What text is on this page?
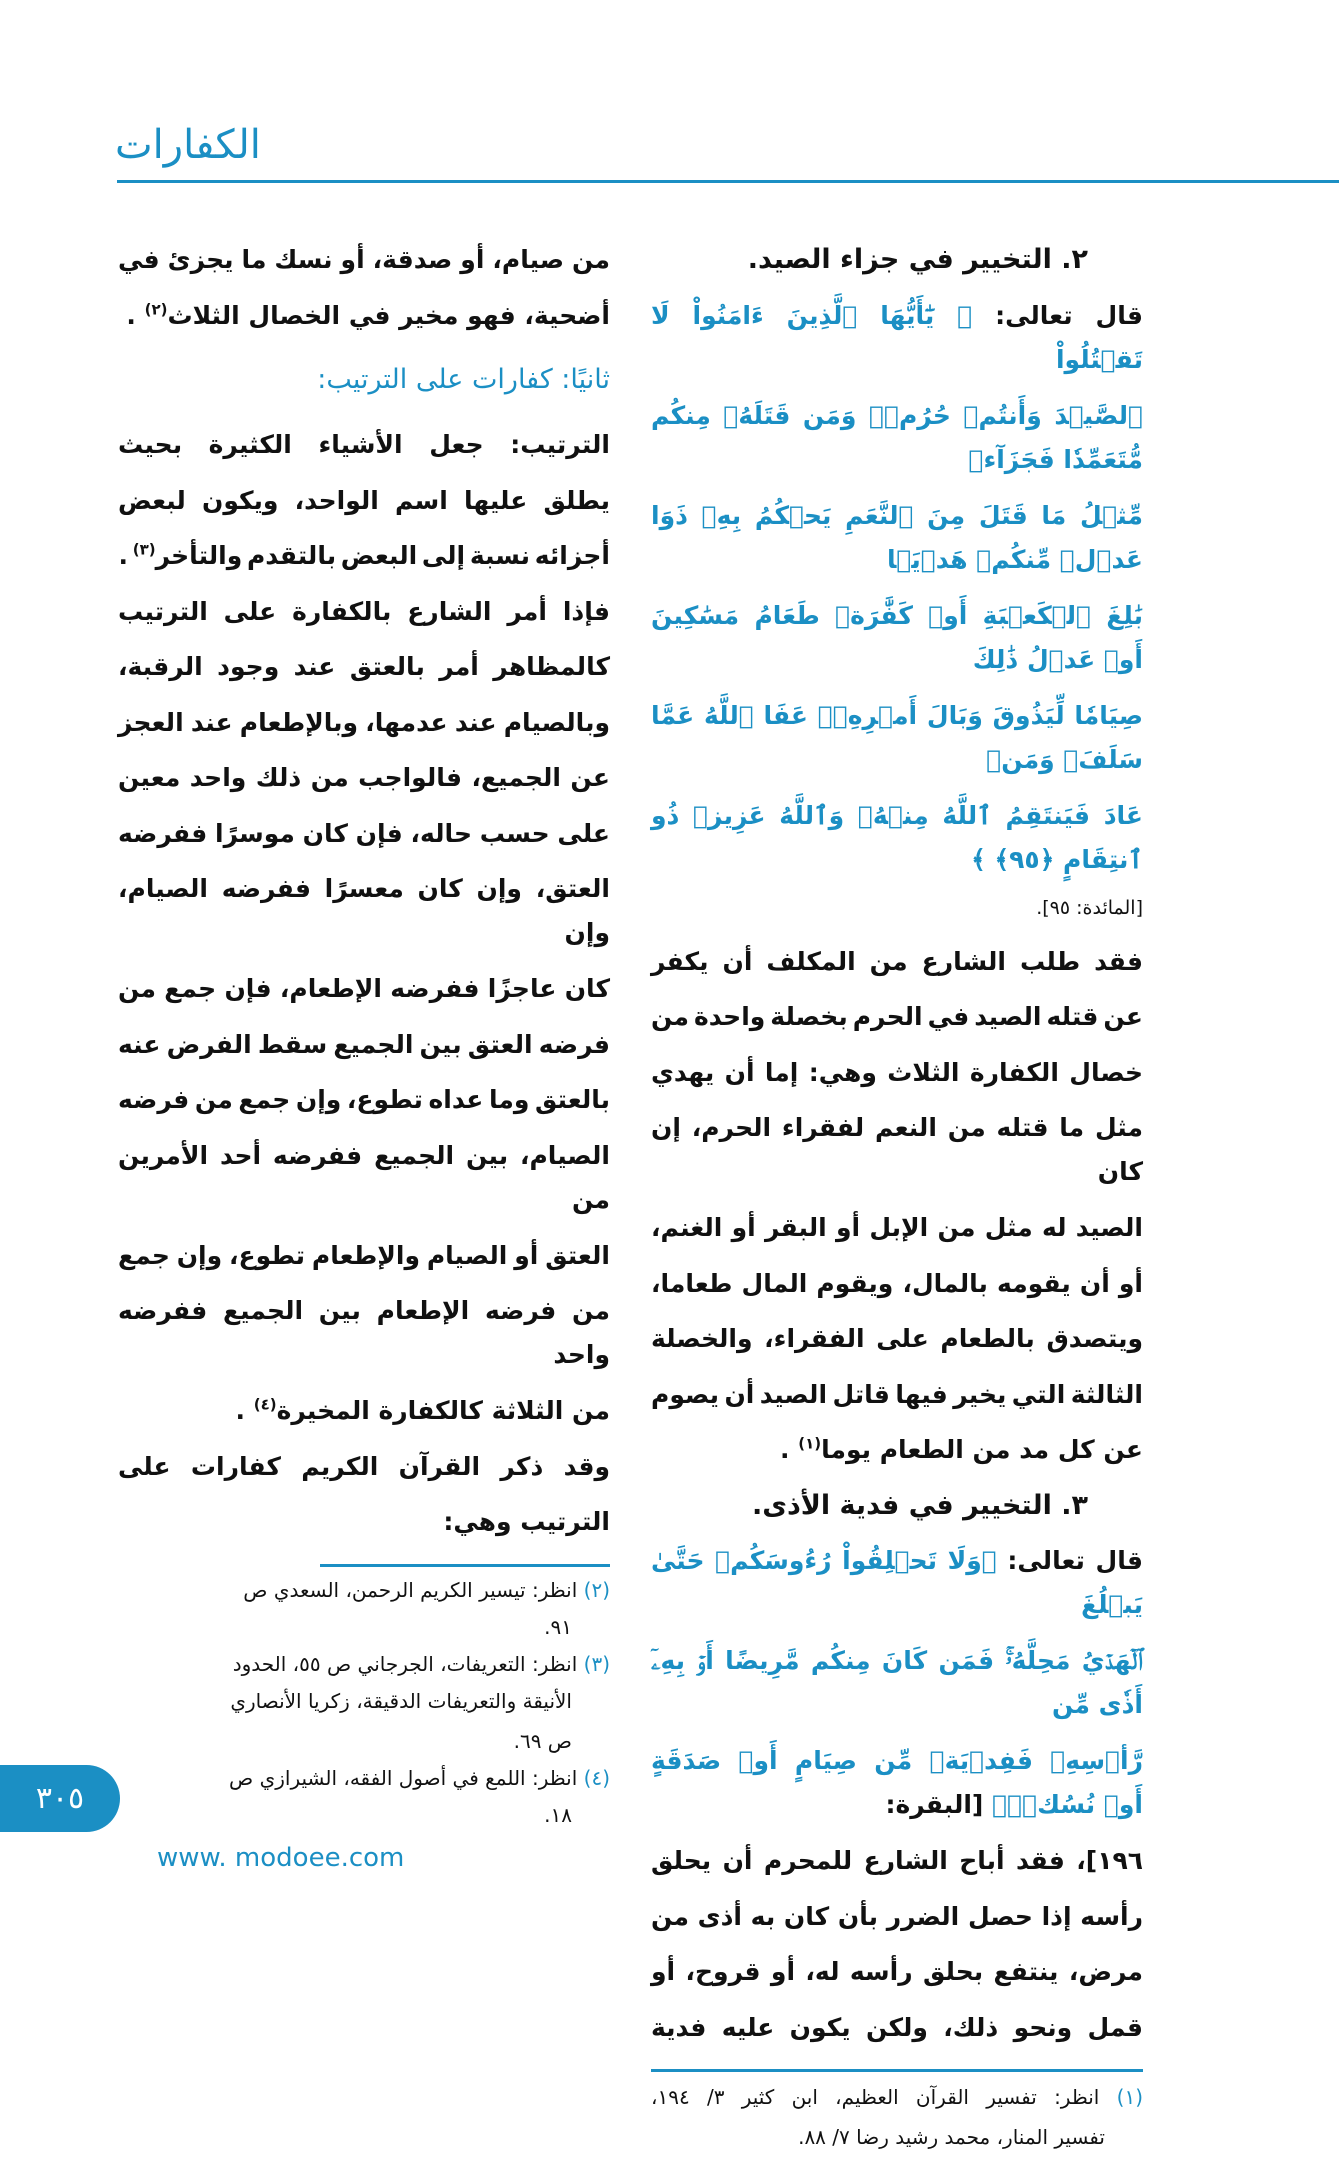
الكفارات
٢. التخيير في جزاء الصيد.
قال تعالى: ﴿ يَٰٓأَيُّهَا ٱلَّذِينَ ءَامَنُواْ لَا تَقۡتُلُواْ
ٱلصَّيۡدَ وَأَنتُمۡ حُرُمٞۚ وَمَن قَتَلَهُۥ مِنكُم مُّتَعَمِّدٗا فَجَزَآءٞ
مِّثۡلُ مَا قَتَلَ مِنَ ٱلنَّعَمِ يَحۡكُمُ بِهِۦ ذَوَا عَدۡلٖ مِّنكُمۡ هَدۡيَۢا
بَٰلِغَ ٱلۡكَعۡبَةِ أَوۡ كَفَّٰرَةٞ طَعَامُ مَسَٰكِينَ أَوۡ عَدۡلُ ذَٰلِكَ
صِيَامٗا لِّيَذُوقَ وَبَالَ أَمۡرِهِۦۗ عَفَا ٱللَّهُ عَمَّا سَلَفَۚ وَمَنۡ
عَادَ فَيَنتَقِمُ ٱللَّهُ مِنۡهُۚ وَٱللَّهُ عَزِيزٞ ذُو ٱنتِقَامٍ ﴿٩٥﴾ ﴾
[المائدة: ٩٥].
فقد طلب الشارع من المكلف أن يكفر
عن قتله الصيد في الحرم بخصلة واحدة من
خصال الكفارة الثلاث وهي: إما أن يهدي
مثل ما قتله من النعم لفقراء الحرم، إن كان
الصيد له مثل من الإبل أو البقر أو الغنم،
أو أن يقومه بالمال، ويقوم المال طعاما،
ويتصدق بالطعام على الفقراء، والخصلة
الثالثة التي يخير فيها قاتل الصيد أن يصوم
عن كل مد من الطعام يوما$^{(١)}$ .
٣. التخيير في فدية الأذى.
قال تعالى: ﴿وَلَا تَحۡلِقُواْ رُءُوسَكُمۡ حَتَّىٰ يَبۡلُغَ
ٱلۡهَدۡيُ مَحِلَّهُۥۚ فَمَن كَانَ مِنكُم مَّرِيضًا أَوۡ بِهِۦٓ أَذٗى مِّن
رَّأۡسِهِۦ فَفِدۡيَةٞ مِّن صِيَامٍ أَوۡ صَدَقَةٍ أَوۡ نُسُكٖۚ﴾ [البقرة:
١٩٦]، فقد أباح الشارع للمحرم أن يحلق
رأسه إذا حصل الضرر بأن كان به أذى من
مرض، ينتفع بحلق رأسه له، أو قروح، أو
قمل ونحو ذلك، ولكن يكون عليه فدية
من صيام، أو صدقة، أو نسك ما يجزئ في
أضحية، فهو مخير في الخصال الثلاث$^{(٢)}$ .
ثانيًا: كفارات على الترتيب:
الترتيب: جعل الأشياء الكثيرة بحيث
يطلق عليها اسم الواحد، ويكون لبعض
أجزائه نسبة إلى البعض بالتقدم والتأخر$^{(٣)}$ .
فإذا أمر الشارع بالكفارة على الترتيب
كالمظاهر أمر بالعتق عند وجود الرقبة،
وبالصيام عند عدمها، وبالإطعام عند العجز
عن الجميع، فالواجب من ذلك واحد معين
على حسب حاله، فإن كان موسرًا ففرضه
العتق، وإن كان معسرًا ففرضه الصيام، وإن
كان عاجزًا ففرضه الإطعام، فإن جمع من
فرضه العتق بين الجميع سقط الفرض عنه
بالعتق وما عداه تطوع، وإن جمع من فرضه
الصيام، بين الجميع ففرضه أحد الأمرين من
العتق أو الصيام والإطعام تطوع، وإن جمع
من فرضه الإطعام بين الجميع ففرضه واحد
من الثلاثة كالكفارة المخيرة$^{(٤)}$ .
وقد ذكر القرآن الكريم كفارات على
الترتيب وهي:
(١) انظر: تفسير القرآن العظيم، ابن كثير ٣/ ١٩٤،
تفسير المنار، محمد رشيد رضا ٧/ ٨٨.
(٢) انظر: تيسير الكريم الرحمن، السعدي ص
٩١.
(٣) انظر: التعريفات، الجرجاني ص ٥٥، الحدود
الأنيقة والتعريفات الدقيقة، زكريا الأنصاري
ص ٦٩.
(٤) انظر: اللمع في أصول الفقه، الشيرازي ص
١٨.
٣٠٥
www. modoee.com
